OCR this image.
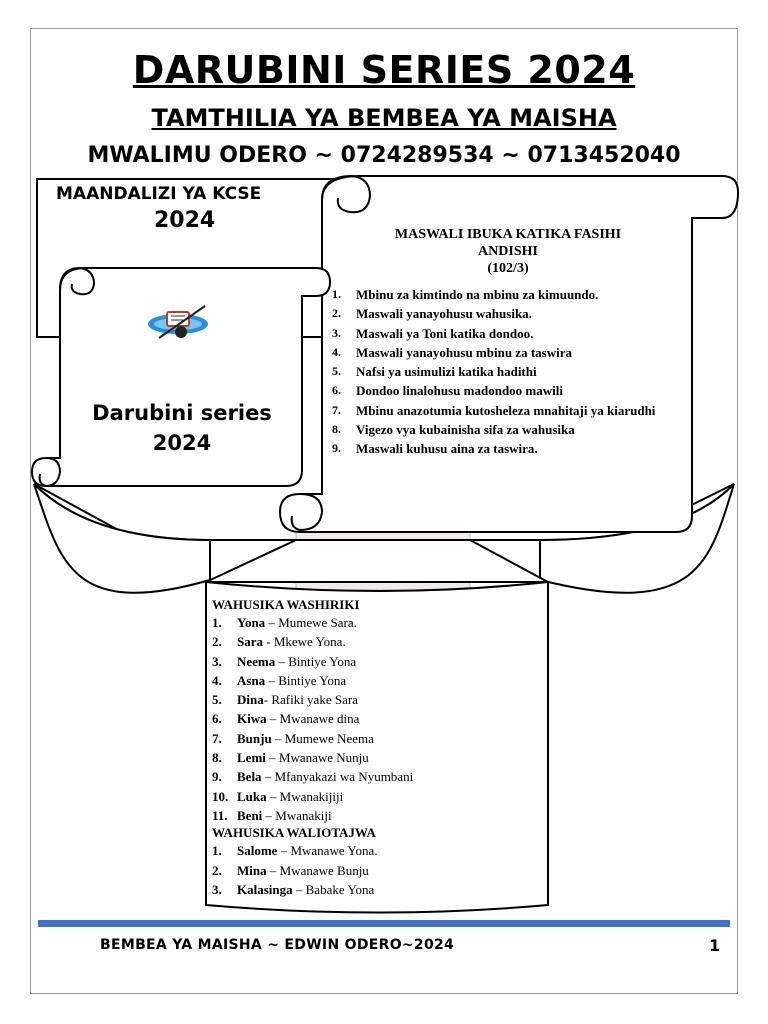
DARUBINI SERIES 2024
TAMTHILIA YA BEMBEA YA MAISHA
MWALIMU ODERO ~ 0724289534 ~ 0713452040
MAANDALIZI YA KCSE
2024
MASWALI IBUKA KATIKA FASIHI
ANDISHI
(102/3)
1.	Mbinu za kimtindo na mbinu za kimuundo.
2.	Maswali yanayohusu wahusika.
3.	Maswali ya Toni katika dondoo.
4.	Maswali yanayohusu mbinu za taswira
5.	Nafsi ya usimulizi katika hadithi
6.	Dondoo linalohusu madondoo mawili
7.	Mbinu anazotumia kutosheleza mnahitaji ya kiarudhi
8.	Vigezo vya kubainisha sifa za wahusika
9.	Maswali kuhusu aina za taswira.
Darubini series
2024
WAHUSIKA WASHIRIKI
1.	Yona – Mumewe Sara.
2.	Sara - Mkewe Yona.
3.	Neema – Bintiye Yona
4.	Asna – Bintiye Yona
5.	Dina- Rafiki yake Sara
6.	Kiwa – Mwanawe dina
7.	Bunju – Mumewe Neema
8.	Lemi – Mwanawe Nunju
9.	Bela – Mfanyakazi wa Nyumbani
10. Luka – Mwanakijiji
11. Beni – Mwanakiji
WAHUSIKA WALIOTAJWA
1.	Salome – Mwanawe Yona.
2.	Mina – Mwanawe Bunju
3.	Kalasinga – Babake Yona
BEMBEA YA MAISHA ~ EDWIN ODERO~2024	1
